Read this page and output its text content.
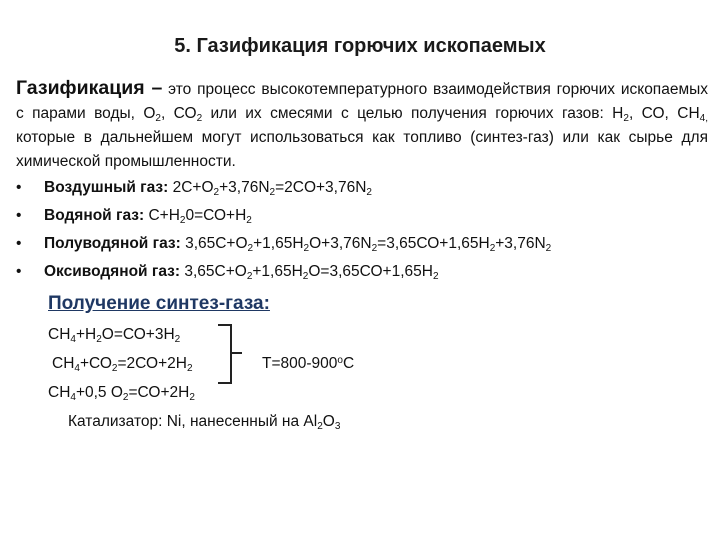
5. Газификация горючих ископаемых
Газификация – это процесс высокотемпературного взаимодействия горючих ископаемых с парами воды, $О_2$, $СО_2$ или их смесями с целью получения горючих газов: $Н_2$, СО, $СН_{4,}$ которые в дальнейшем могут использоваться как топливо (синтез-газ) или как сырье для химической промышленности.
• Воздушный газ: $2С+О_2+3,76N_2=2CO+3,76N_2$
• Водяной газ: $С+Н_20=СО+Н_2$
• Полуводяной газ: $3,65С+О_2+1,65Н_2О+3,76N_2=3,65СО+1,65Н_2+3,76N_2$
• Оксиводяной газ: $3,65С+О_2+1,65Н_2О=3,65СО+1,65Н_2$
Получение синтез-газа:
$СН_4+Н_2О=СО+3Н_2$
$СН_4+СО_2=2СО+2Н_2$
$СН_4+0,5$ $О_2=СО+2Н_2$
$Т=800-900^оС$
Катализатор: Ni, нанесенный на $Al_2O_3$
